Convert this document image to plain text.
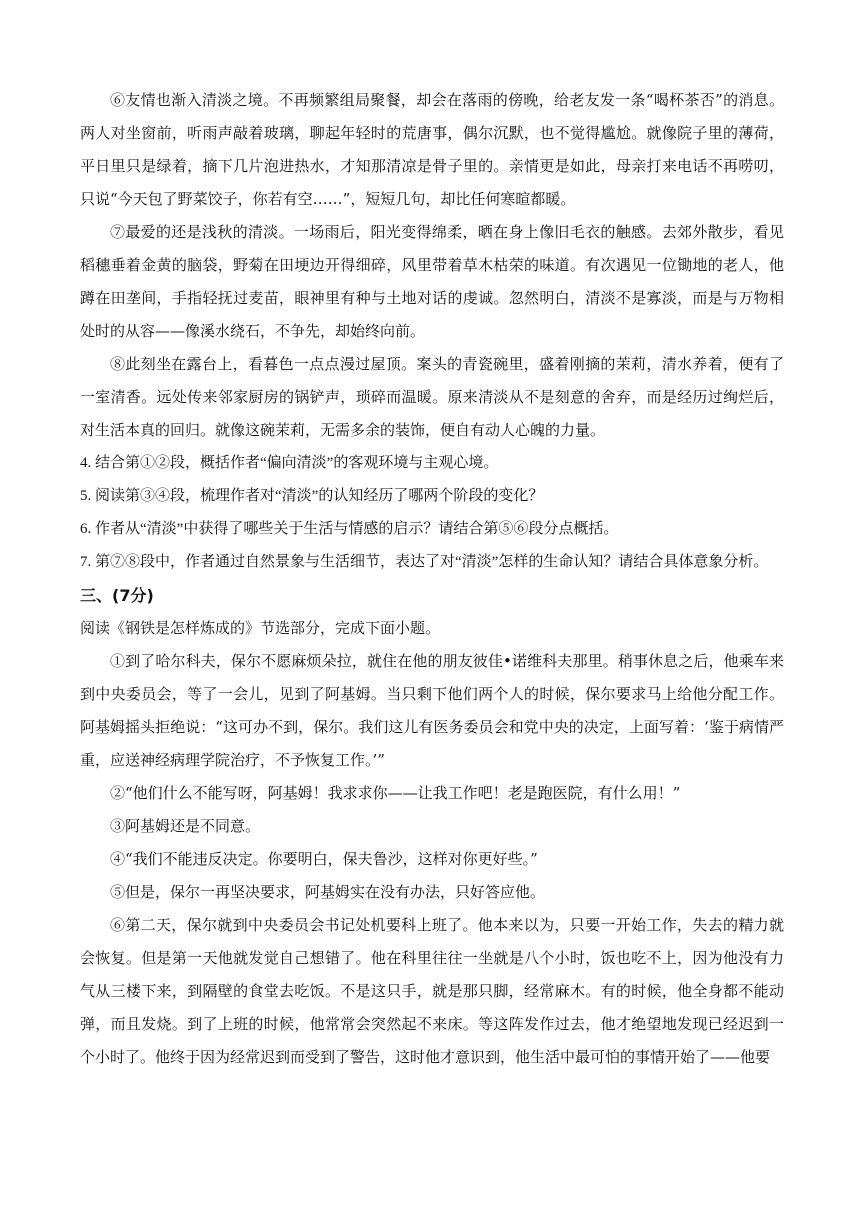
⑥友情也渐入清淡之境。不再频繁组局聚餐，却会在落雨的傍晚，给老友发一条“喝杯茶否”的消息。两人对坐窗前，听雨声敲着玻璃，聊起年轻时的荒唐事，偶尔沉默，也不觉得尴尬。就像院子里的薄荷，平日里只是绿着，摘下几片泡进热水，才知那清凉是骨子里的。亲情更是如此，母亲打来电话不再唠叨，只说“今天包了野菜饺子，你若有空……”，短短几句，却比任何寒暄都暖。

⑦最爱的还是浅秋的清淡。一场雨后，阳光变得绵柔，晒在身上像旧毛衣的触感。去郊外散步，看见稻穗垂着金黄的脑袋，野菊在田埂边开得细碎，风里带着草木枯荣的味道。有次遇见一位锄地的老人，他蹲在田垄间，手指轻抚过麦苗，眼神里有种与土地对话的虔诚。忽然明白，清淡不是寡淡，而是与万物相处时的从容——像溪水绕石，不争先，却始终向前。

⑧此刻坐在露台上，看暮色一点点漫过屋顶。案头的青瓷碗里，盛着刚摘的茉莉，清水养着，便有了一室清香。远处传来邻家厨房的锅铲声，琐碎而温暖。原来清淡从不是刻意的舍弃，而是经历过绚烂后，对生活本真的回归。就像这碗茉莉，无需多余的装饰，便自有动人心魄的力量。

4. 结合第①②段，概括作者“偏向清淡”的客观环境与主观心境。

5. 阅读第③④段，梳理作者对“清淡”的认知经历了哪两个阶段的变化？

6. 作者从“清淡”中获得了哪些关于生活与情感的启示？请结合第⑤⑥段分点概括。

7. 第⑦⑧段中，作者通过自然景象与生活细节，表达了对“清淡”怎样的生命认知？请结合具体意象分析。

三、(7分)

阅读《钢铁是怎样炼成的》节选部分，完成下面小题。

①到了哈尔科夫，保尔不愿麻烦朵拉，就住在他的朋友彼佳•诺维科夫那里。稍事休息之后，他乘车来到中央委员会，等了一会儿，见到了阿基姆。当只剩下他们两个人的时候，保尔要求马上给他分配工作。阿基姆摇头拒绝说：“这可办不到，保尔。我们这儿有医务委员会和党中央的决定，上面写着：‘鉴于病情严重，应送神经病理学院治疗，不予恢复工作。’”

②“他们什么不能写呀，阿基姆！我求求你——让我工作吧！老是跑医院，有什么用！”

③阿基姆还是不同意。

④“我们不能违反决定。你要明白，保夫鲁沙，这样对你更好些。”

⑤但是，保尔一再坚决要求，阿基姆实在没有办法，只好答应他。

⑥第二天，保尔就到中央委员会书记处机要科上班了。他本来以为，只要一开始工作，失去的精力就会恢复。但是第一天他就发觉自己想错了。他在科里往往一坐就是八个小时，饭也吃不上，因为他没有力气从三楼下来，到隔壁的食堂去吃饭。不是这只手，就是那只脚，经常麻木。有的时候，他全身都不能动弹，而且发烧。到了上班的时候，他常常会突然起不来床。等这阵发作过去，他才绝望地发现已经迟到一个小时了。他终于因为经常迟到而受到了警告，这时他才意识到，他生活中最可怕的事情开始了——他要
